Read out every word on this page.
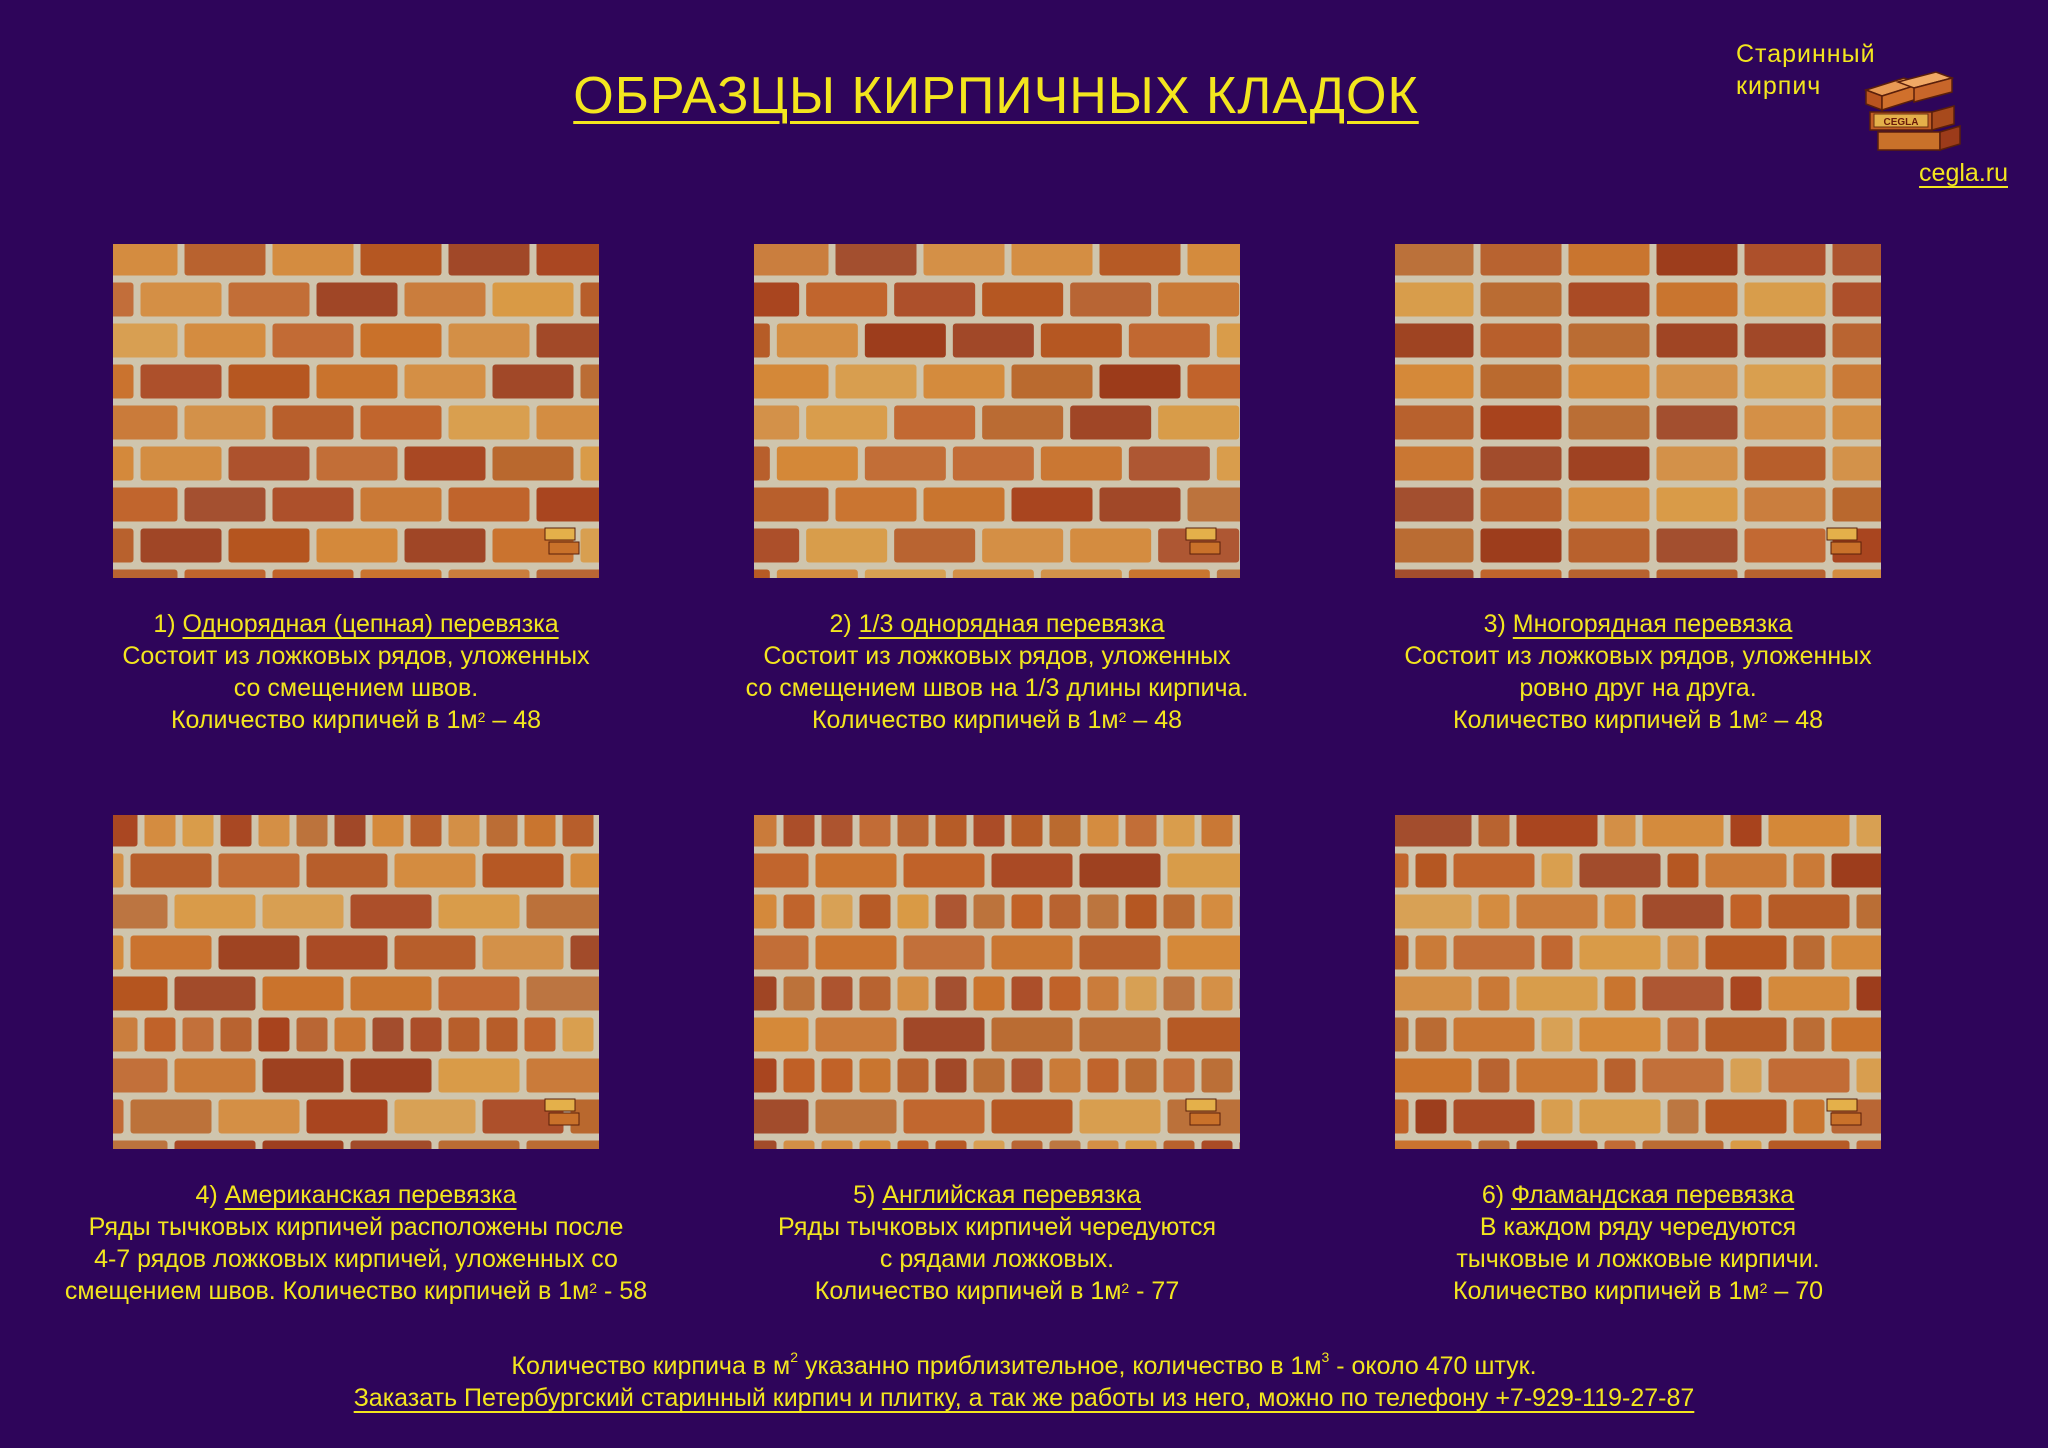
ОБРАЗЦЫ КИРПИЧНЫХ КЛАДОК
Старинный
кирпич
CEGLA
cegla.ru
1) Однорядная (цепная) перевязка
Состоит из ложковых рядов, уложенных
со смещением швов.
Количество кирпичей в $1м^2 - 48$
2) 1/3 однорядная перевязка
Состоит из ложковых рядов, уложенных
со смещением швов на 1/3 длины кирпича.
Количество кирпичей в $1м^2 - 48$
3) Многорядная перевязка
Состоит из ложковых рядов, уложенных
ровно друг на друга.
Количество кирпичей в $1м^2 - 48$
4) Американская перевязка
Ряды тычковых кирпичей расположены после
4-7 рядов ложковых кирпичей, уложенных со
смещением швов. Количество кирпичей в $1м^2 - 58$
5) Английская перевязка
Ряды тычковых кирпичей чередуются
с рядами ложковых.
Количество кирпичей в $1м^2 - 77$
6) Фламандская перевязка
В каждом ряду чередуются
тычковые и ложковые кирпичи.
Количество кирпичей в $1м^2 - 70$
Количество кирпича в $м^2$ указанно приблизительное, количество в $1м^3$ - около 470 штук.
Заказать Петербургский старинный кирпич и плитку, а так же работы из него, можно по телефону +7-929-119-27-87
